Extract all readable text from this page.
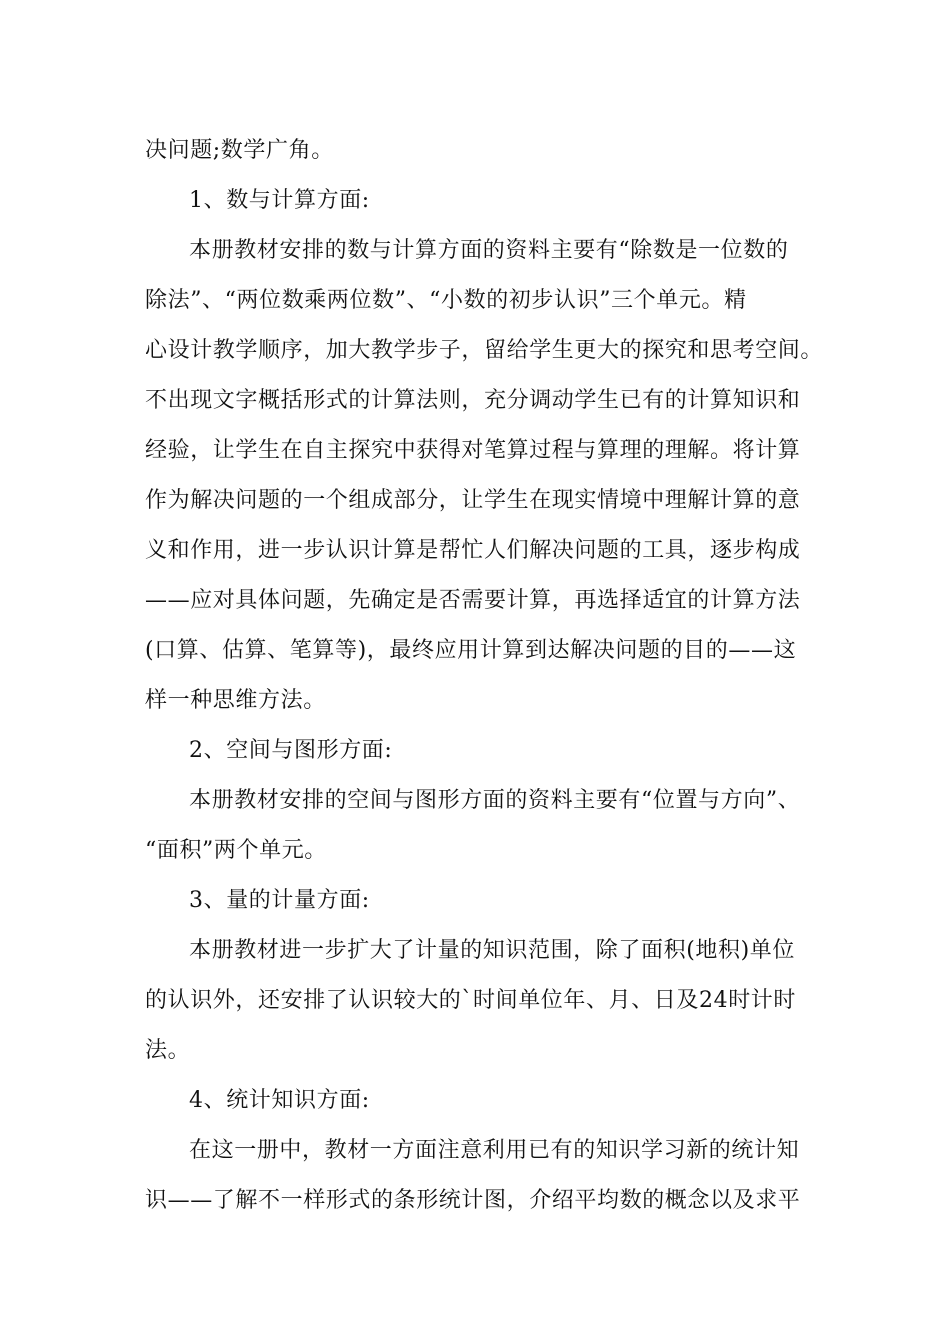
决问题;数学广角。
1、数与计算方面:
本册教材安排的数与计算方面的资料主要有“除数是一位数的
除法”、“两位数乘两位数”、“小数的初步认识”三个单元。精
心设计教学顺序，加大教学步子，留给学生更大的探究和思考空间。
不出现文字概括形式的计算法则，充分调动学生已有的计算知识和
经验，让学生在自主探究中获得对笔算过程与算理的理解。将计算
作为解决问题的一个组成部分，让学生在现实情境中理解计算的意
义和作用，进一步认识计算是帮忙人们解决问题的工具，逐步构成
——应对具体问题，先确定是否需要计算，再选择适宜的计算方法
(口算、估算、笔算等)，最终应用计算到达解决问题的目的——这
样一种思维方法。
2、空间与图形方面:
本册教材安排的空间与图形方面的资料主要有“位置与方向”、
“面积”两个单元。
3、量的计量方面:
本册教材进一步扩大了计量的知识范围，除了面积(地积)单位
的认识外，还安排了认识较大的`时间单位年、月、日及24时计时
法。
4、统计知识方面:
在这一册中，教材一方面注意利用已有的知识学习新的统计知
识——了解不一样形式的条形统计图，介绍平均数的概念以及求平
